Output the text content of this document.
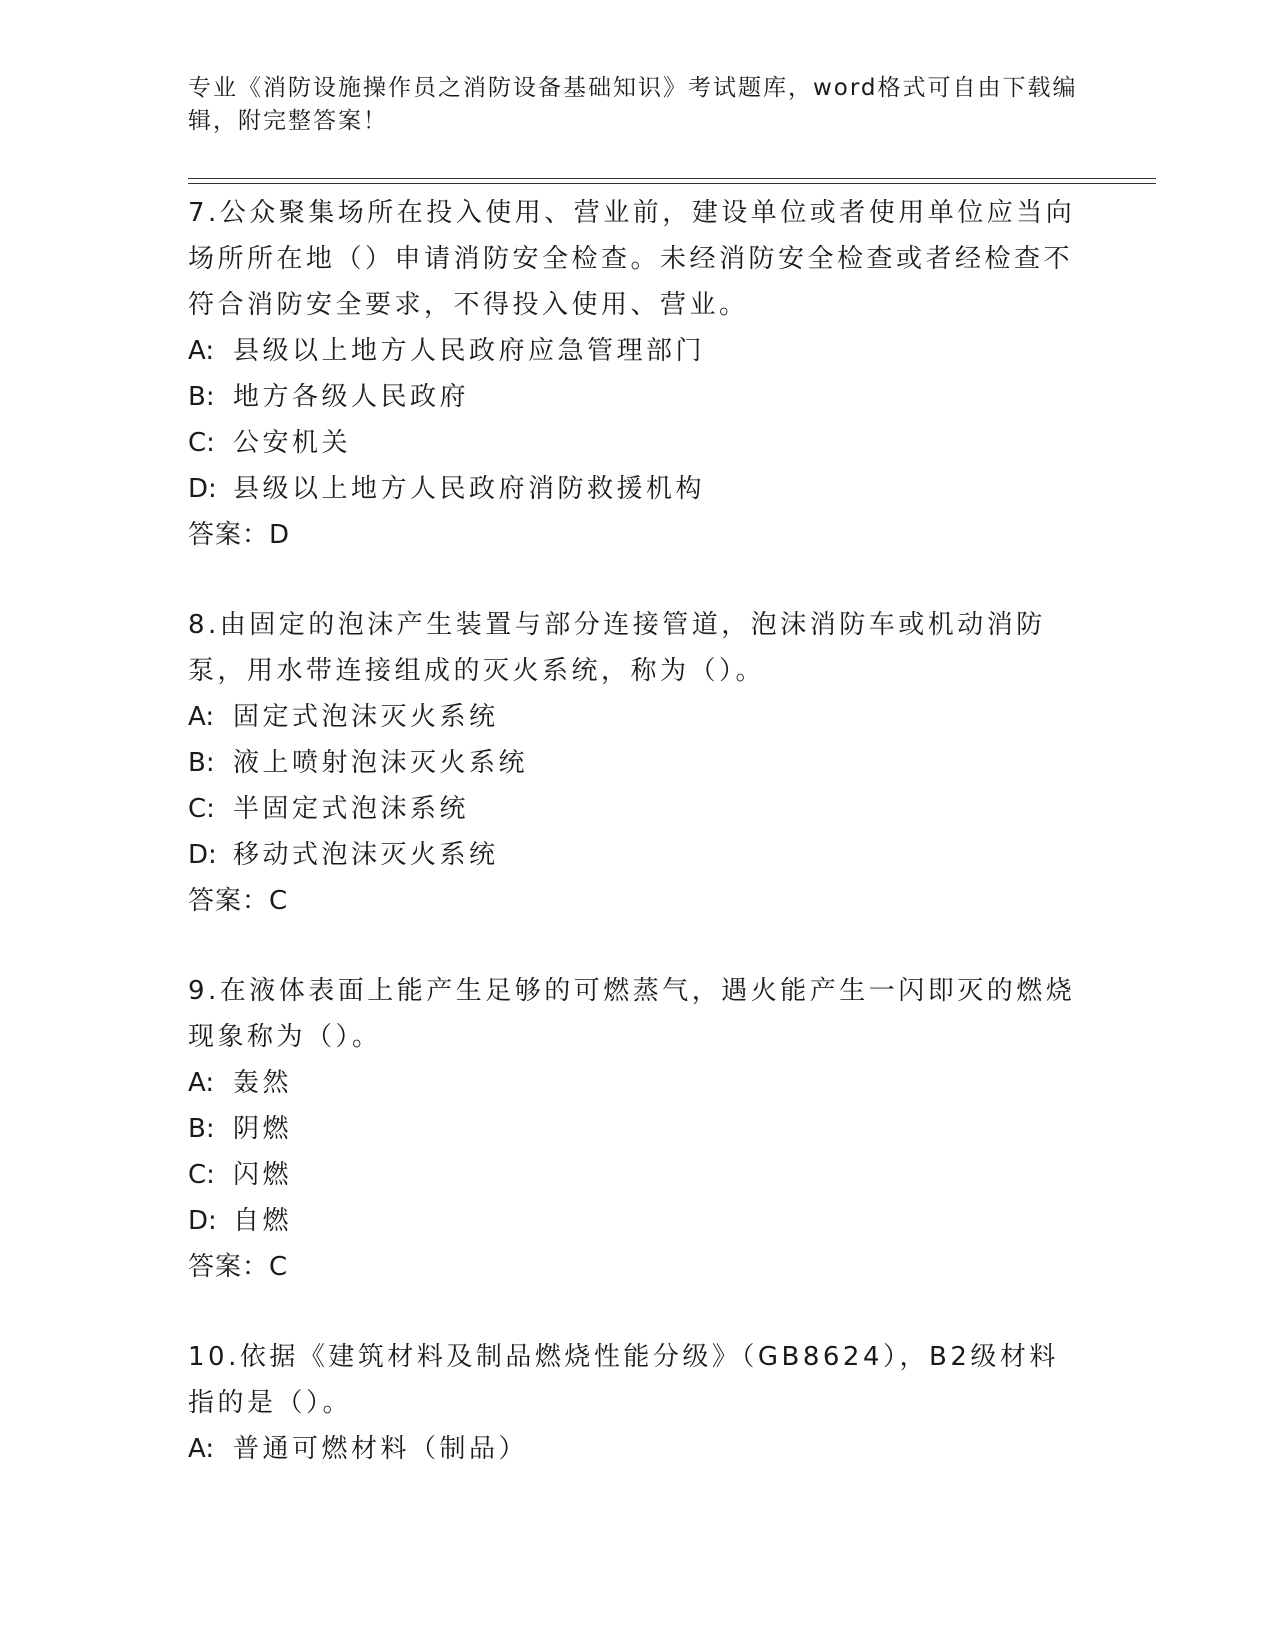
专业《消防设施操作员之消防设备基础知识》考试题库，word格式可自由下载编辑，附完整答案！

7.公众聚集场所在投入使用、营业前，建设单位或者使用单位应当向场所所在地（）申请消防安全检查。未经消防安全检查或者经检查不符合消防安全要求，不得投入使用、营业。

A: 县级以上地方人民政府应急管理部门

B: 地方各级人民政府

C: 公安机关

D: 县级以上地方人民政府消防救援机构

答案：D

8.由固定的泡沫产生装置与部分连接管道，泡沫消防车或机动消防泵，用水带连接组成的灭火系统，称为（）。

A: 固定式泡沫灭火系统

B: 液上喷射泡沫灭火系统

C: 半固定式泡沫系统

D: 移动式泡沫灭火系统

答案：C

9.在液体表面上能产生足够的可燃蒸气，遇火能产生一闪即灭的燃烧现象称为（）。

A: 轰然

B: 阴燃

C: 闪燃

D: 自燃

答案：C

10.依据《建筑材料及制品燃烧性能分级》（GB8624），B2级材料指的是（）。

A: 普通可燃材料（制品）
